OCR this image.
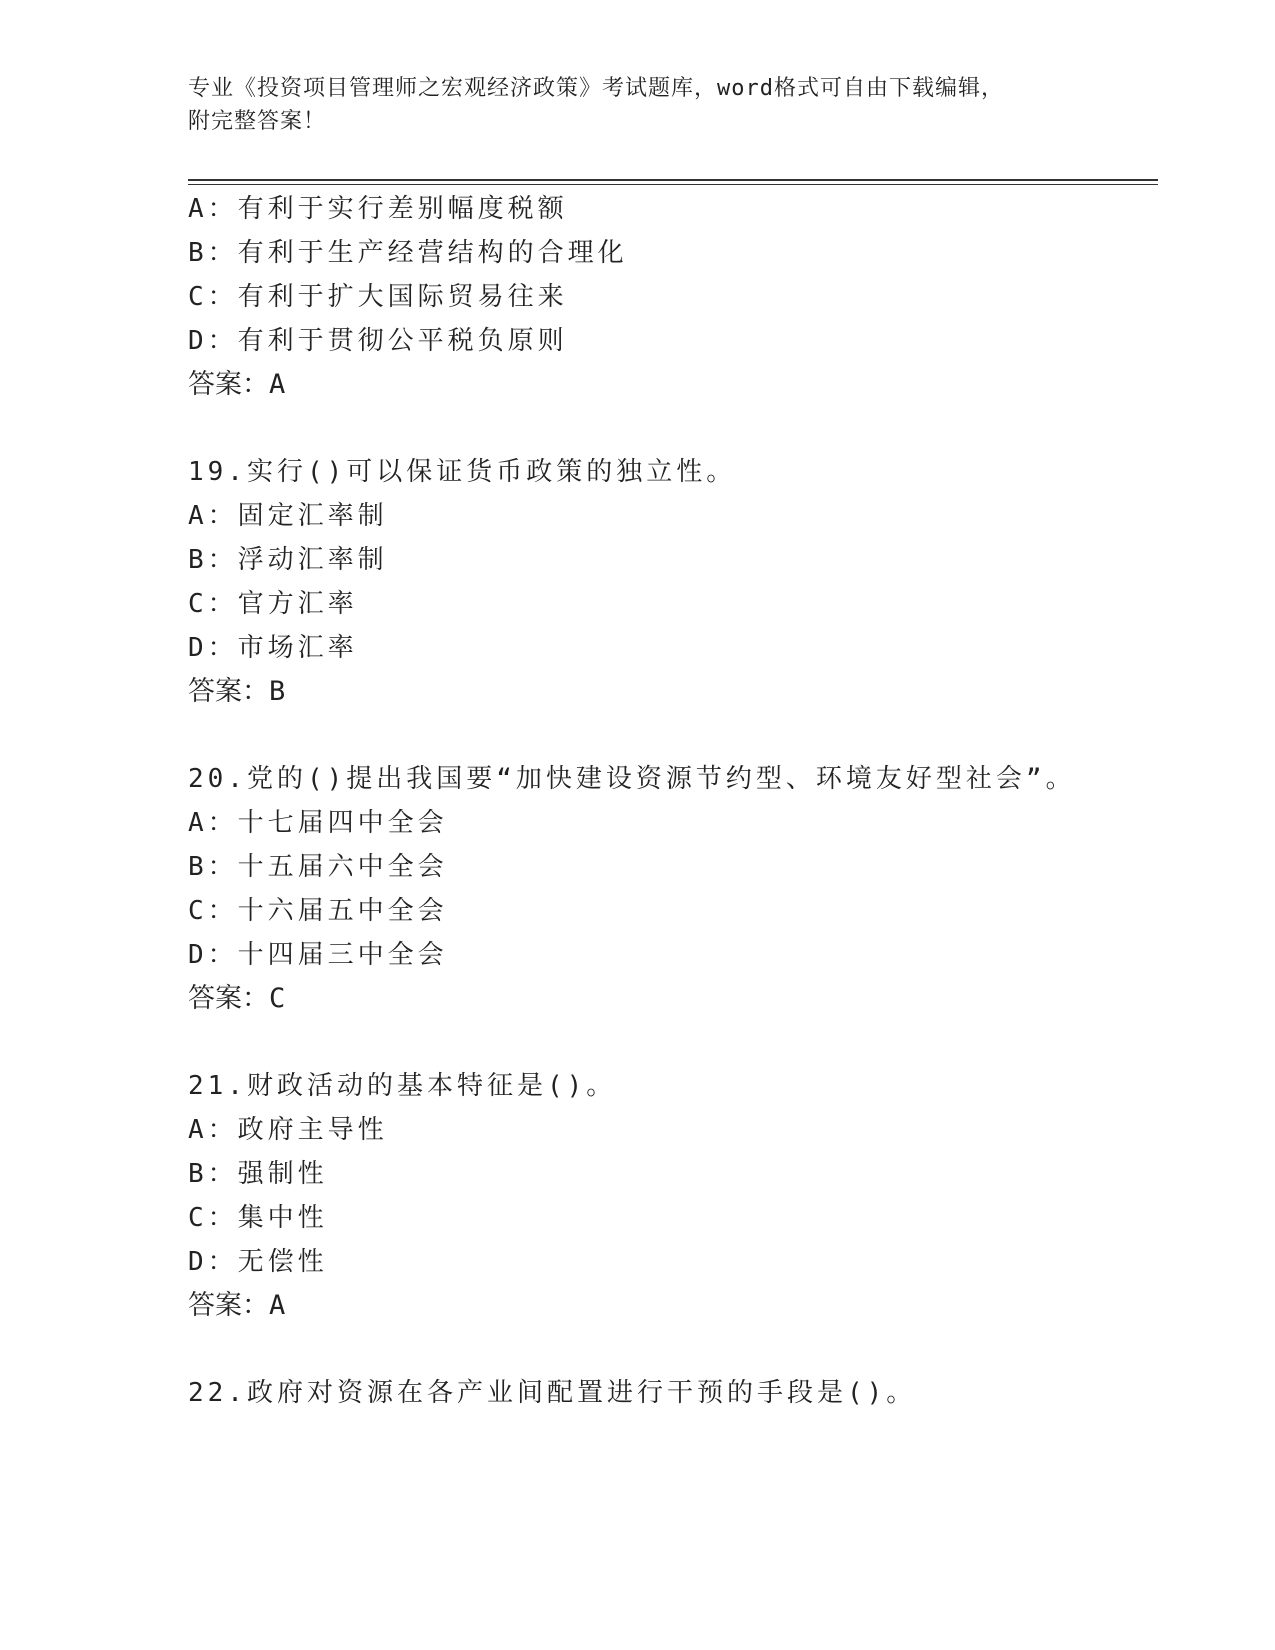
专业《投资项目管理师之宏观经济政策》考试题库，word格式可自由下载编辑，
附完整答案！
A：有利于实行差别幅度税额
B：有利于生产经营结构的合理化
C：有利于扩大国际贸易往来
D：有利于贯彻公平税负原则
答案：A
19.实行()可以保证货币政策的独立性。
A：固定汇率制
B：浮动汇率制
C：官方汇率
D：市场汇率
答案：B
20.党的()提出我国要“加快建设资源节约型、环境友好型社会”。
A：十七届四中全会
B：十五届六中全会
C：十六届五中全会
D：十四届三中全会
答案：C
21.财政活动的基本特征是()。
A：政府主导性
B：强制性
C：集中性
D：无偿性
答案：A
22.政府对资源在各产业间配置进行干预的手段是()。
